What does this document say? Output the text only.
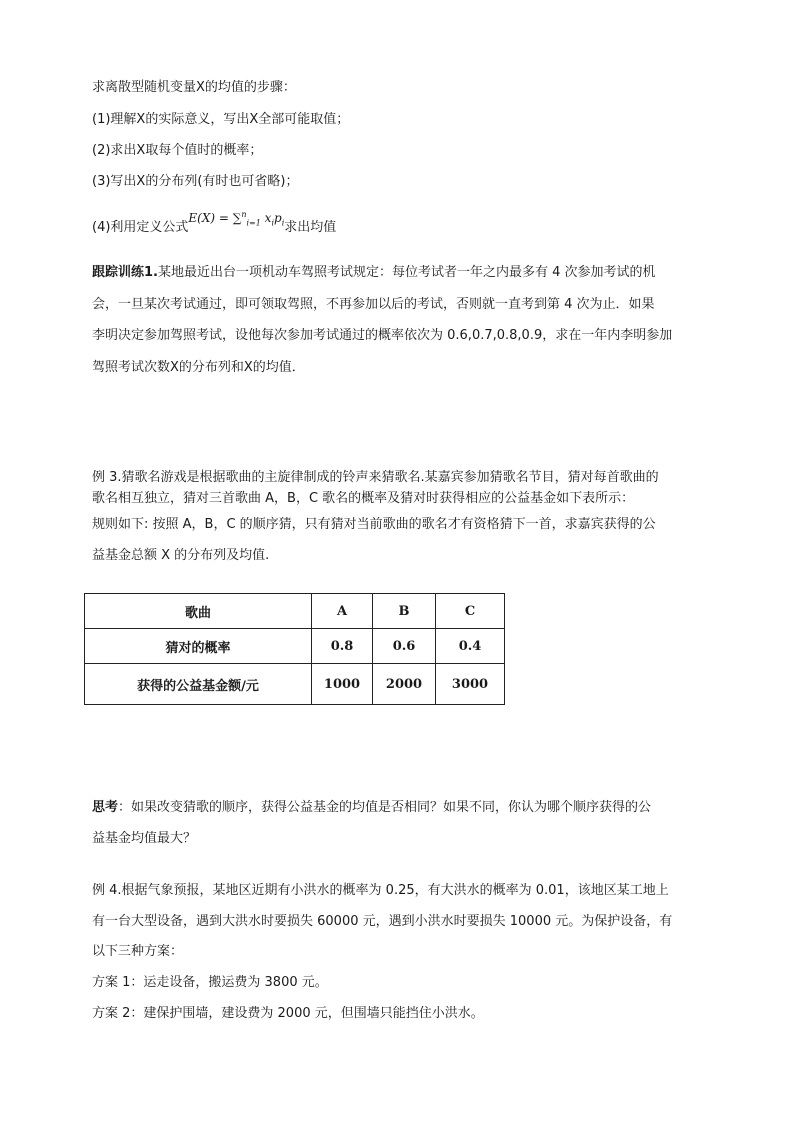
求离散型随机变量X的均值的步骤：
(1)理解X的实际意义，写出X全部可能取值；
(2)求出X取每个值时的概率；
(3)写出X的分布列(有时也可省略)；
(4)利用定义公式E(X) = ∑$^n_{i=1}$ $x_ip_i$求出均值
跟踪训练1.某地最近出台一项机动车驾照考试规定：每位考试者一年之内最多有 4 次参加考试的机
会，一旦某次考试通过，即可领取驾照，不再参加以后的考试，否则就一直考到第 4 次为止．如果
李明决定参加驾照考试，设他每次参加考试通过的概率依次为 0.6,0.7,0.8,0.9，求在一年内李明参加
驾照考试次数X的分布列和X的均值．
例 3.猜歌名游戏是根据歌曲的主旋律制成的铃声来猜歌名.某嘉宾参加猜歌名节目，猜对每首歌曲的
歌名相互独立，猜对三首歌曲 A，B，C 歌名的概率及猜对时获得相应的公益基金如下表所示：
规则如下: 按照 A，B，C 的顺序猜，只有猜对当前歌曲的歌名才有资格猜下一首，求嘉宾获得的公
益基金总额 X 的分布列及均值.
歌曲	A	B	C
猜对的概率	0.8	0.6	0.4
获得的公益基金额/元	1000	2000	3000
思考：如果改变猜歌的顺序，获得公益基金的均值是否相同？如果不同，你认为哪个顺序获得的公
益基金均值最大？
例 4.根据气象预报，某地区近期有小洪水的概率为 0.25，有大洪水的概率为 0.01，该地区某工地上
有一台大型设备，遇到大洪水时要损失 60000 元，遇到小洪水时要损失 10000 元。为保护设备，有
以下三种方案：
方案 1：运走设备，搬运费为 3800 元。
方案 2：建保护围墙，建设费为 2000 元，但围墙只能挡住小洪水。
